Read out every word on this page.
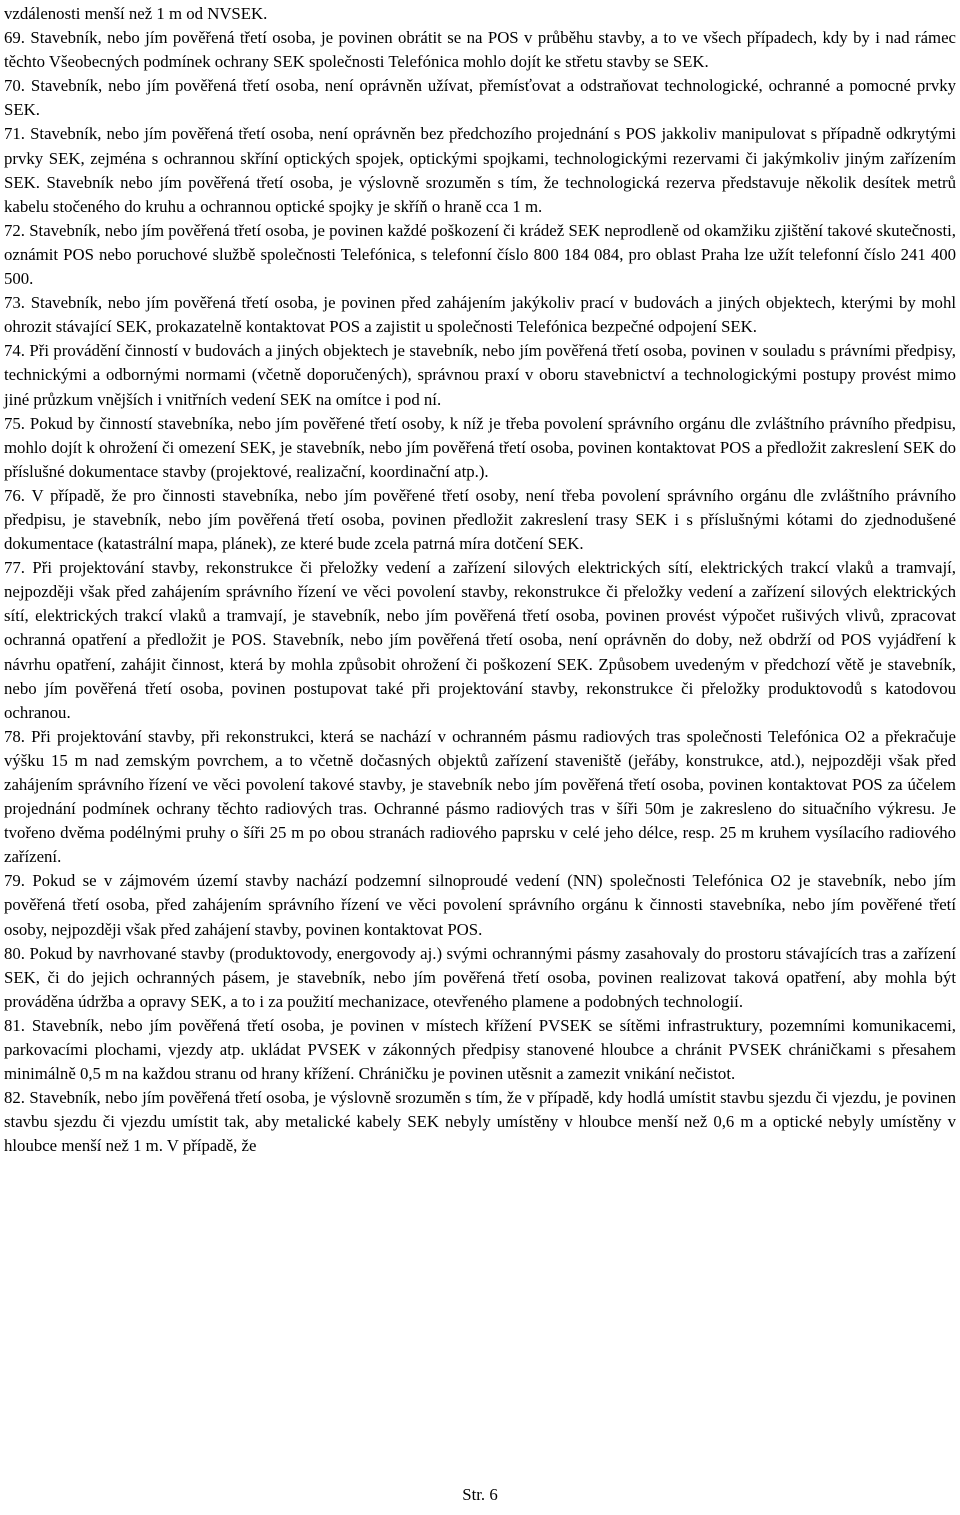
vzdálenosti menší než 1 m od NVSEK.

69. Stavebník, nebo jím pověřená třetí osoba, je povinen obrátit se na POS v průběhu stavby, a to ve všech případech, kdy by i nad rámec těchto Všeobecných podmínek ochrany SEK společnosti Telefónica mohlo dojít ke střetu stavby se SEK.

70. Stavebník, nebo jím pověřená třetí osoba, není oprávněn užívat, přemísťovat a odstraňovat technologické, ochranné a pomocné prvky SEK.

71. Stavebník, nebo jím pověřená třetí osoba, není oprávněn bez předchozího projednání s POS jakkoliv manipulovat s případně odkrytými prvky SEK, zejména s ochrannou skříní optických spojek, optickými spojkami, technologickými rezervami či jakýmkoliv jiným zařízením SEK. Stavebník nebo jím pověřená třetí osoba, je výslovně srozuměn s tím, že technologická rezerva představuje několik desítek metrů kabelu stočeného do kruhu a ochrannou optické spojky je skříň o hraně cca 1 m.

72. Stavebník, nebo jím pověřená třetí osoba, je povinen každé poškození či krádež SEK neprodleně od okamžiku zjištění takové skutečnosti, oznámit POS nebo poruchové službě společnosti Telefónica, s telefonní číslo 800 184 084, pro oblast Praha lze užít telefonní číslo 241 400 500.

73. Stavebník, nebo jím pověřená třetí osoba, je povinen před zahájením jakýkoliv prací v budovách a jiných objektech, kterými by mohl ohrozit stávající SEK, prokazatelně kontaktovat POS a zajistit u společnosti Telefónica bezpečné odpojení SEK.

74. Při provádění činností v budovách a jiných objektech je stavebník, nebo jím pověřená třetí osoba, povinen v souladu s právními předpisy, technickými a odbornými normami (včetně doporučených), správnou praxí v oboru stavebnictví a technologickými postupy provést mimo jiné průzkum vnějších i vnitřních vedení SEK na omítce i pod ní.

75. Pokud by činností stavebníka, nebo jím pověřené třetí osoby, k níž je třeba povolení správního orgánu dle zvláštního právního předpisu, mohlo dojít k ohrožení či omezení SEK, je stavebník, nebo jím pověřená třetí osoba, povinen kontaktovat POS a předložit zakreslení SEK do příslušné dokumentace stavby (projektové, realizační, koordinační atp.).

76. V případě, že pro činnosti stavebníka, nebo jím pověřené třetí osoby, není třeba povolení správního orgánu dle zvláštního právního předpisu, je stavebník, nebo jím pověřená třetí osoba, povinen předložit zakreslení trasy SEK i s příslušnými kótami do zjednodušené dokumentace (katastrální mapa, plánek), ze které bude zcela patrná míra dotčení SEK.

77. Při projektování stavby, rekonstrukce či přeložky vedení a zařízení silových elektrických sítí, elektrických trakcí vlaků a tramvají, nejpozději však před zahájením správního řízení ve věci povolení stavby, rekonstrukce či přeložky vedení a zařízení silových elektrických sítí, elektrických trakcí vlaků a tramvají, je stavebník, nebo jím pověřená třetí osoba, povinen provést výpočet rušivých vlivů, zpracovat ochranná opatření a předložit je POS. Stavebník, nebo jím pověřená třetí osoba, není oprávněn do doby, než obdrží od POS vyjádření k návrhu opatření, zahájit činnost, která by mohla způsobit ohrožení či poškození SEK. Způsobem uvedeným v předchozí větě je stavebník, nebo jím pověřená třetí osoba, povinen postupovat také při projektování stavby, rekonstrukce či přeložky produktovodů s katodovou ochranou.

78. Při projektování stavby, při rekonstrukci, která se nachází v ochranném pásmu radiových tras společnosti Telefónica O2 a překračuje výšku 15 m nad zemským povrchem, a to včetně dočasných objektů zařízení staveniště (jeřáby, konstrukce, atd.), nejpozději však před zahájením správního řízení ve věci povolení takové stavby, je stavebník nebo jím pověřená třetí osoba, povinen kontaktovat POS za účelem projednání podmínek ochrany těchto radiových tras. Ochranné pásmo radiových tras v šíři 50m je zakresleno do situačního výkresu. Je tvořeno dvěma podélnými pruhy o šíři 25 m po obou stranách radiového paprsku v celé jeho délce, resp. 25 m kruhem vysílacího radiového zařízení.

79. Pokud se v zájmovém území stavby nachází podzemní silnoproudé vedení (NN) společnosti Telefónica O2 je stavebník, nebo jím pověřená třetí osoba, před zahájením správního řízení ve věci povolení správního orgánu k činnosti stavebníka, nebo jím pověřené třetí osoby, nejpozději však před zahájení stavby, povinen kontaktovat POS.

80. Pokud by navrhované stavby (produktovody, energovody aj.) svými ochrannými pásmy zasahovaly do prostoru stávajících tras a zařízení SEK, či do jejich ochranných pásem, je stavebník, nebo jím pověřená třetí osoba, povinen realizovat taková opatření, aby mohla být prováděna údržba a opravy SEK, a to i za použití mechanizace, otevřeného plamene a podobných technologií.

81. Stavebník, nebo jím pověřená třetí osoba, je povinen v místech křížení PVSEK se sítěmi infrastruktury, pozemními komunikacemi, parkovacími plochami, vjezdy atp. ukládat PVSEK v zákonných předpisy stanovené hloubce a chránit PVSEK chráničkami s přesahem minimálně 0,5 m na každou stranu od hrany křížení. Chráničku je povinen utěsnit a zamezit vnikání nečistot.

82. Stavebník, nebo jím pověřená třetí osoba, je výslovně srozuměn s tím, že v případě, kdy hodlá umístit stavbu sjezdu či vjezdu, je povinen stavbu sjezdu či vjezdu umístit tak, aby metalické kabely SEK nebyly umístěny v hloubce menší než 0,6 m a optické nebyly umístěny v hloubce menší než 1 m. V případě, že

Str. 6
